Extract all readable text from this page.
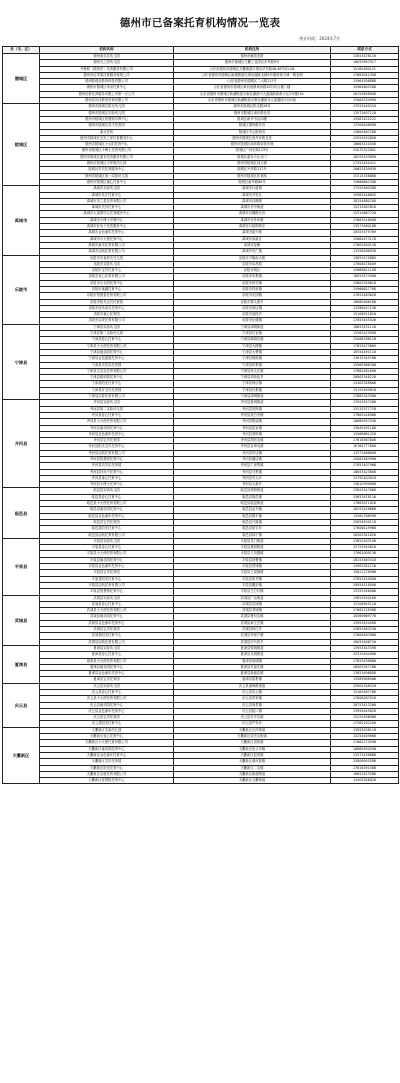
德州市已备案托育机构情况一览表
统计时间：2024年7月
县（市、区）	机构名称	机构住所	联系方式
德城区	德州欢乐岛幼儿园	德州市解放北路	13853478116
	德州天之骄幼儿园	德州市德城区天衢工业园区东风路9号	18053997917
	齐鲁路（德州市）托育服务有限公司	山东省德州市德城区天衢街道办事处华安路56-63号01-08	15165484121
	德州市红苹果托育服务有限公司	山东省德州市德城区新湖街道办事处湖滨北路8号德州瑞天城一期北侧	17863042308
	德州莉莉优教育科技有限公司	山东省德州市德城区二六路217号	15964506888
	德州市德城区朵朵托育中心	山东省德州市德城区黄河涯镇黄河路20号综合楼二楼	15964605286
	德州信都托育服务有限公司第一分公司	山东省德州市德城区新湖街道办事处湖滨中大道湖滨新都小区2号楼101	18153658908
	德州乐贝佳教育咨询有限公司	山东省德州市德城区新湖街道办事处湖滨北大道鑫园小区D座	15064534990
陵城区	德州市陵城区阳光幼儿园	德州市陵城区阳光路28号	13553440318
	德州市陵城区实验幼儿园	德州市陵城区南环路北首	13573407118
	德州市陵城区智慧树早教中心	陵城区新华书店四楼	13583425222
	德州市陵城区英才托育园	陵城区德州路东首	17506408998
	曲豆托育	陵城区中心街西首	13864467288
	德州市陵城区宝贝之家托育服务中心	德州市陵城区西外环路北首	15553452808
	德州市陵城区小太阳托育中心	德州市陵城区南环路南首东侧	18663410508
	德州市陵城区小博士托育有限公司	陵城区广场东路123号	15075322801
	德州市陵城区嘉禾托育服务有限公司	陵城区嘉禾小区北门	18253433899
	德州市陵城区小苹果幼儿园	德州市陵城区神头镇	17553454411
	陵城区贝贝托育服务中心	陵城区兴华路117号	18653439938
	德州市陵城区第一实验幼儿园	德州市陵城区体育路	15315338868
	德州市陵城区童心托育中心	陵城区新华路88号	15666662306
禹城市	禹城市实验幼儿园	禹城市行政街	17553480388
	禹城市英才托育中心	禹城市开发区	15963446855
	禹城市乐之星托育有限公司	禹城市汉槐街	18254880708
	禹城市贝贝托育中心	禹城市市中街道	15315487618
	禹城市大禹婴幼儿托育服务中心	禹城市汉槐路北首	15314667728
	禹城市小博士早教中心	禹城市东外环路	17663418006
	禹城市好孩子托育服务中心	禹城市行政街路东	13573480188
	禹城市金色童年托育中心	禹城市振兴路	18553479789
	禹城市小天使托育中心	禹城市高新区	15684473118
	禹城市童乐托育有限公司	禹城市伦镇	17663400138
	禹城市启航托育有限公司	禹城市安仁镇	13356286958
乐陵市	乐陵市市直机关幼儿园	乐陵市兴隆南大街	13853475880
	乐陵市实验幼儿园	乐陵市阜昌路	17606478009
	乐陵市宝贝托育中心	乐陵市城区	15666621108
	乐陵市爱心托育有限公司	乐陵市朱集镇	18053473096
	乐陵市小太阳托育中心	乐陵市杨安镇	13605349618
	乐陵市童趣托育中心	乐陵市铁营镇	15966627788
	乐陵市智慧星托育有限公司	乐陵市花园镇	17853483626
	乐陵市阳光宝贝托育园	乐陵市寨头堡乡	18660466186
	乐陵市快乐成长托育中心	乐陵市郑店镇	13396247136
	乐陵市童心托育园	乐陵市西段乡	15106911816
	乐陵市启蒙托育有限公司	乐陵市化楼镇	17853455026
宁津县	宁津县实验幼儿园	宁津县津城街道	18653431116
	宁津县第二实验幼儿园	宁津县长官镇	13563425998
	宁津县爱心托育中心	宁津县柴胡店镇	15066788128
	宁津县小天使托育有限公司	宁津县大柳镇	17853473669
	宁津县童乐园托育中心	宁津县大曹镇	18554491118
	宁津县金色摇篮托育中心	宁津县相衙镇	13615349766
	宁津县贝贝乐托育园	宁津县时集镇	15965966306
	宁津县宝宝乐托育有限公司	宁津县张大庄镇	17862481696
	宁津县聪明屋托育中心	宁津县刘营伍乡	18805348226
	宁津县阳光托育中心	宁津县保店镇	13405348866
	宁津县好宝贝托育园	宁津县杜集镇	15153499816
	宁津县启智托育有限公司	宁津县津城街道	17685343566
齐河县	齐河县实验幼儿园	齐河县晏城街道	13953457268
	齐河县第二实验幼儿园	齐河县祝阿镇	15315377718
	齐河县爱心托育中心	齐河县表白寺镇	17865448968
	齐河县小天使托育有限公司	齐河县焦庙镇	18669957036
	齐河县童乐园托育中心	齐河县赵官镇	13645491166
	齐河县金色童年托育中心	齐河县刘桥镇	15966681326
	齐河县宝贝托育园	齐河县胡官屯镇	17616367808
	齐河县阳光宝贝托育中心	齐河县宣章屯镇	18764777806
	齐河县启航托育有限公司	齐河县华店镇	13573466608
	齐河县智慧树托育中心	齐河县潘店镇	15063485996
	齐河县贝贝乐托育园	齐河县仁里集镇	17853407966
	齐河县好孩子托育中心	齐河县马集镇	18853423608
	齐河县童心托育中心	齐河县安头乡	13792403018
	齐河县小博士托育中心	齐河县大黄乡	15610399806
临邑县	临邑县实验幼儿园	临邑县邢侗街道	13853447868
	临邑县爱心托育中心	临邑县临邑镇	15653478116
	临邑县小天使托育有限公司	临邑县临盘街道	17863071826
	临邑县童乐园托育中心	临邑县孟寺镇	18253428666
	临邑县金色童年托育中心	临邑县德平镇	13562786998
	临邑县宝贝托育园	临邑县兴隆镇	15854450118
	临邑县阳光托育中心	临邑县宿安乡	17606419966
	临邑县启航托育有限公司	临邑县林子镇	18305341626
平原县	平原县实验幼儿园	平原县龙门街道	13853403198
	平原县爱心托育中心	平原县桃园街道	15725344816
	平原县小天使托育有限公司	平原县王凤楼镇	17862009136
	平原县童乐园托育中心	平原县前曹镇	18253463318
	平原县金色童年托育中心	平原县恩城镇	13905341126
	平原县宝贝托育园	平原县王杲铺镇	15621278966
	平原县阳光托育中心	平原县张华镇	17853420906
	平原县启航托育有限公司	平原县腰站镇	18954418006
	平原县智慧树托育中心	平原县王打卦镇	13355346066
武城县	武城县实验幼儿园	武城县广运街道	13853420168
	武城县爱心托育中心	武城县武城镇	15106945116
	武城县小天使托育有限公司	武城县老城镇	17662218368
	武城县童乐园托育中心	武城县鲁权屯镇	18369969776
	武城县金色童年托育中心	武城县郝王庄镇	13953454098
	武城县宝贝托育园	武城县杨庄乡	15853483336
	武城县阳光托育中心	武城县李家户镇	17606483966
	武城县启航托育有限公司	武城县甲马营乡	18053406716
夏津县	夏津县实验幼儿园	夏津县银城街道	13953443398
	夏津县爱心托育中心	夏津县北城街道	15315404966
	夏津县小天使托育有限公司	夏津县南城镇	17853438866
	夏津县童乐园托育中心	夏津县苏留庄镇	18505347766
	夏津县金色童年托育中心	夏津县新盛店镇	13853496808
	夏津县宝贝托育园	夏津县雷集镇	15589908966
庆云县	庆云县实验幼儿园	庆云县渤海路街道	13905348526
	庆云县爱心托育中心	庆云县庆云镇	15163487768
	庆云县小天使托育有限公司	庆云县常家镇	17806287918
	庆云县童乐园托育中心	庆云县尚堂镇	18753413266
	庆云县金色童年托育中心	庆云县崔口镇	13954449026
	庆云县宝贝托育园	庆云县东辛店镇	15253456966
	庆云县阳光托育中心	庆云县严务乡	17562102206
天衢新区	天衢新区实验幼儿园	天衢新区长河街道	13853458118
	天衢新区爱心托育中心	天衢新区宋官屯街道	15254409866
	天衢新区小天使托育有限公司	天衢新区袁桥镇	17662270596
	天衢新区童乐园托育中心	天衢新区抬头寺镇	18865950596
	天衢新区金色童年托育中心	天衢新区赵虎镇	13573438868
	天衢新区宝贝托育园	天衢新区黄河涯镇	15806905586
	天衢新区阳光托育中心	天衢新区二屯镇	17616391568
	天衢新区启航托育有限公司	天衢新区新湖街道	18653423586
	天衢新区智慧树托育中心	天衢新区天衢街道	13405346826
